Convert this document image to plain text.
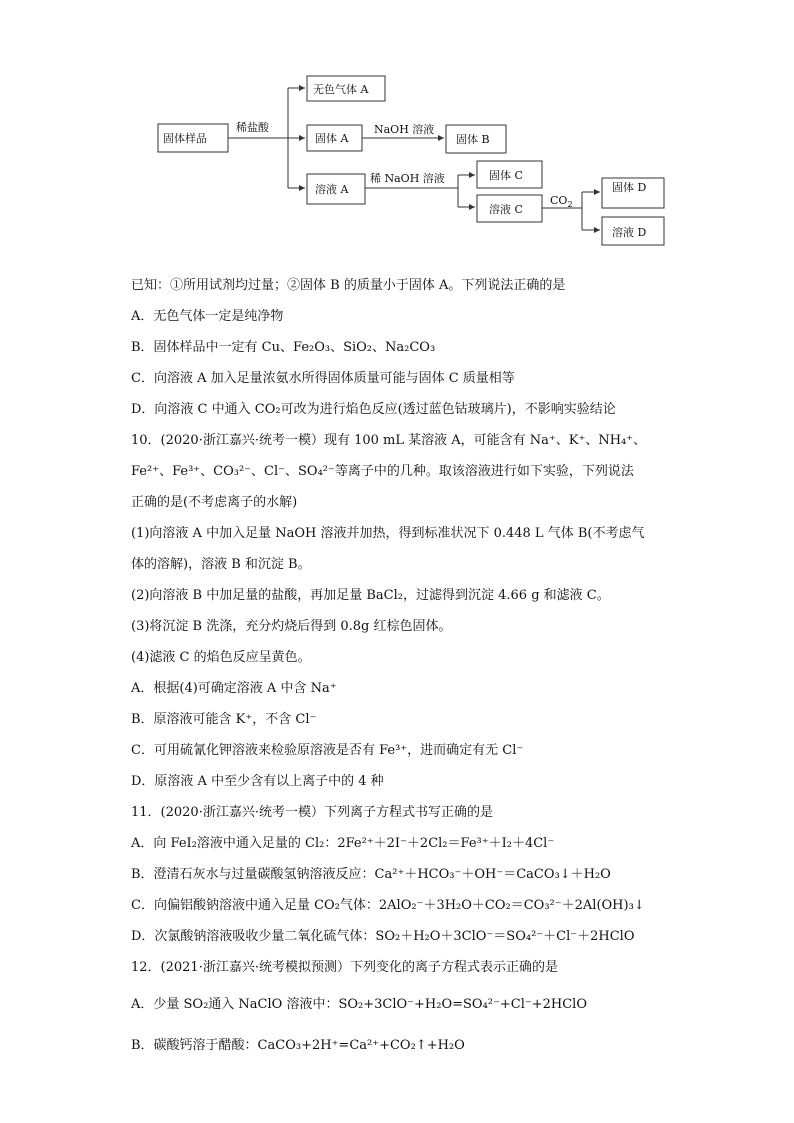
固体样品
稀盐酸
无色气体 A
固体 A
NaOH 溶液
固体 B
溶液 A
稀 NaOH 溶液	固体 C
溶液 C
$CO_2$
固体 D
溶液 D
已知：①所用试剂均过量；②固体 B 的质量小于固体 A。下列说法正确的是
A．无色气体一定是纯净物
B．固体样品中一定有 Cu、Fe₂O₃、SiO₂、Na₂CO₃
C．向溶液 A 加入足量浓氨水所得固体质量可能与固体 C 质量相等
D．向溶液 C 中通入 CO₂可改为进行焰色反应(透过蓝色钴玻璃片)，不影响实验结论
10．(2020·浙江嘉兴·统考一模）现有 100 mL 某溶液 A，可能含有 Na⁺、K⁺、NH₄⁺、
Fe²⁺、Fe³⁺、CO₃²⁻、Cl⁻、SO₄²⁻等离子中的几种。取该溶液进行如下实验，下列说法
正确的是(不考虑离子的水解)
(1)向溶液 A 中加入足量 NaOH 溶液并加热，得到标准状况下 0.448 L 气体 B(不考虑气
体的溶解)，溶液 B 和沉淀 B。
(2)向溶液 B 中加足量的盐酸，再加足量 BaCl₂，过滤得到沉淀 4.66 g 和滤液 C。
(3)将沉淀 B 洗涤，充分灼烧后得到 0.8g 红棕色固体。
(4)滤液 C 的焰色反应呈黄色。
A．根据(4)可确定溶液 A 中含 Na⁺
B．原溶液可能含 K⁺，不含 Cl⁻
C．可用硫氰化钾溶液来检验原溶液是否有 Fe³⁺，进而确定有无 Cl⁻
D．原溶液 A 中至少含有以上离子中的 4 种
11．(2020·浙江嘉兴·统考一模）下列离子方程式书写正确的是
A．向 FeI₂溶液中通入足量的 Cl₂：2Fe²⁺＋2I⁻＋2Cl₂＝Fe³⁺＋I₂＋4Cl⁻
B．澄清石灰水与过量碳酸氢钠溶液反应：Ca²⁺＋HCO₃⁻＋OH⁻＝CaCO₃↓＋H₂O
C．向偏铝酸钠溶液中通入足量 CO₂气体：2AlO₂⁻＋3H₂O＋CO₂＝CO₃²⁻＋2Al(OH)₃↓
D．次氯酸钠溶液吸收少量二氧化硫气体：SO₂＋H₂O＋3ClO⁻＝SO₄²⁻＋Cl⁻＋2HClO
12．(2021·浙江嘉兴·统考模拟预测）下列变化的离子方程式表示正确的是
A．少量 SO₂通入 NaClO 溶液中：SO₂+3ClO⁻+H₂O=SO₄²⁻+Cl⁻+2HClO
B．碳酸钙溶于醋酸：CaCO₃+2H⁺=Ca²⁺+CO₂↑+H₂O
